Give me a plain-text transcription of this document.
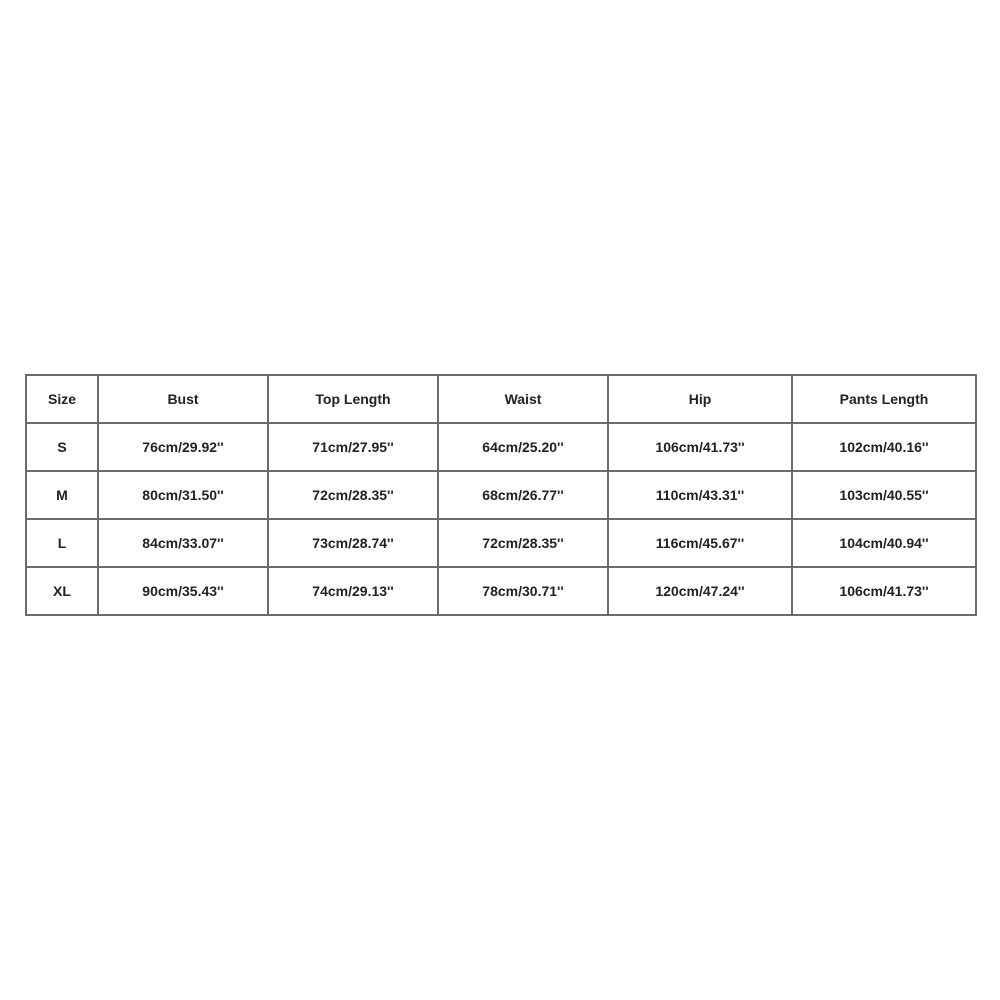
Size	Bust	Top Length	Waist	Hip	Pants Length
S	76cm/29.92''	71cm/27.95''	64cm/25.20''	106cm/41.73''	102cm/40.16''
M	80cm/31.50''	72cm/28.35''	68cm/26.77''	110cm/43.31''	103cm/40.55''
L	84cm/33.07''	73cm/28.74''	72cm/28.35''	116cm/45.67''	104cm/40.94''
XL	90cm/35.43''	74cm/29.13''	78cm/30.71''	120cm/47.24''	106cm/41.73''
